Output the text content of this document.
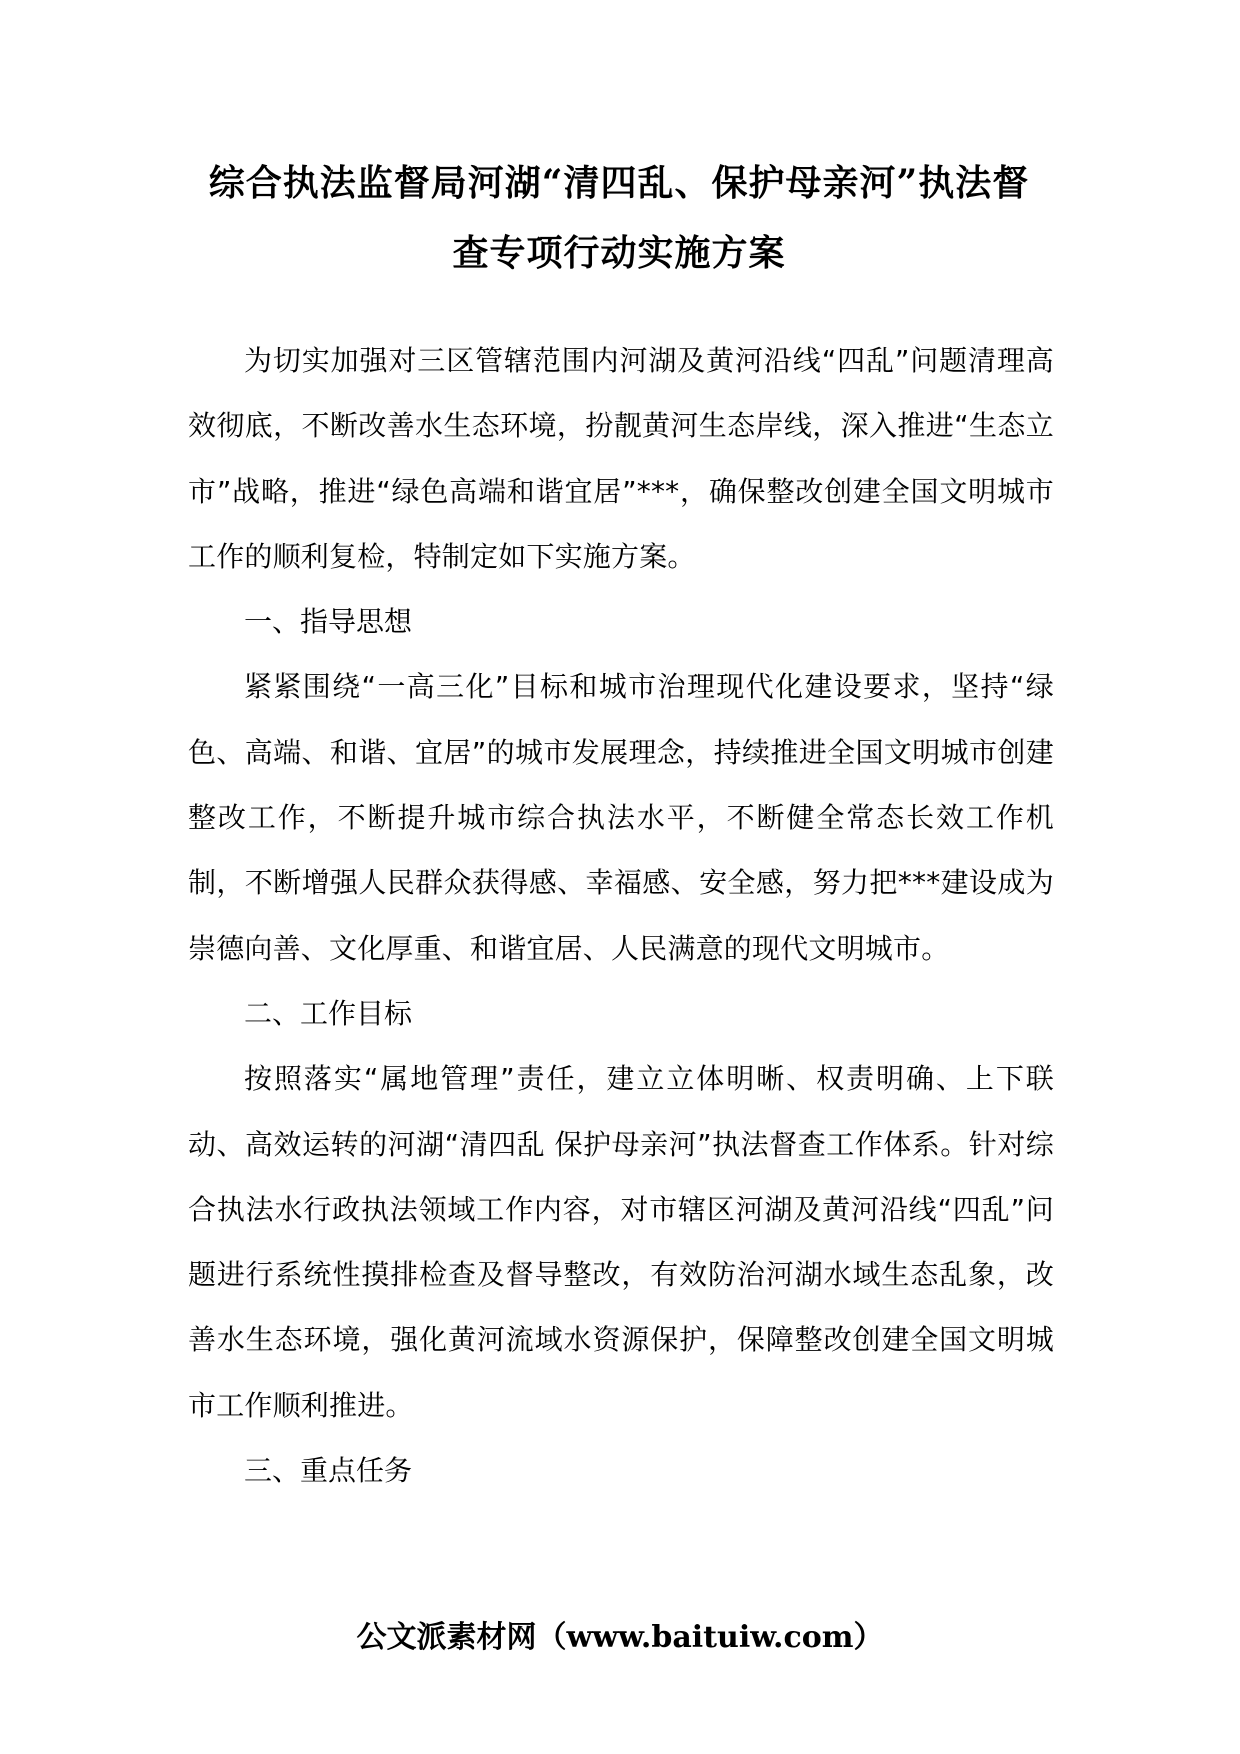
综合执法监督局河湖“清四乱、保护母亲河”执法督
查专项行动实施方案

为切实加强对三区管辖范围内河湖及黄河沿线“四乱”问题清理高效彻底，不断改善水生态环境，扮靓黄河生态岸线，深入推进“生态立市”战略，推进“绿色高端和谐宜居”***，确保整改创建全国文明城市工作的顺利复检，特制定如下实施方案。

一、指导思想

紧紧围绕“一高三化”目标和城市治理现代化建设要求，坚持“绿色、高端、和谐、宜居”的城市发展理念，持续推进全国文明城市创建整改工作，不断提升城市综合执法水平，不断健全常态长效工作机制，不断增强人民群众获得感、幸福感、安全感，努力把***建设成为崇德向善、文化厚重、和谐宜居、人民满意的现代文明城市。

二、工作目标

按照落实“属地管理”责任，建立立体明晰、权责明确、上下联动、高效运转的河湖“清四乱 保护母亲河”执法督查工作体系。针对综合执法水行政执法领域工作内容，对市辖区河湖及黄河沿线“四乱”问题进行系统性摸排检查及督导整改，有效防治河湖水域生态乱象，改善水生态环境，强化黄河流域水资源保护，保障整改创建全国文明城市工作顺利推进。

三、重点任务

公文派素材网（www.baituiw.com）
